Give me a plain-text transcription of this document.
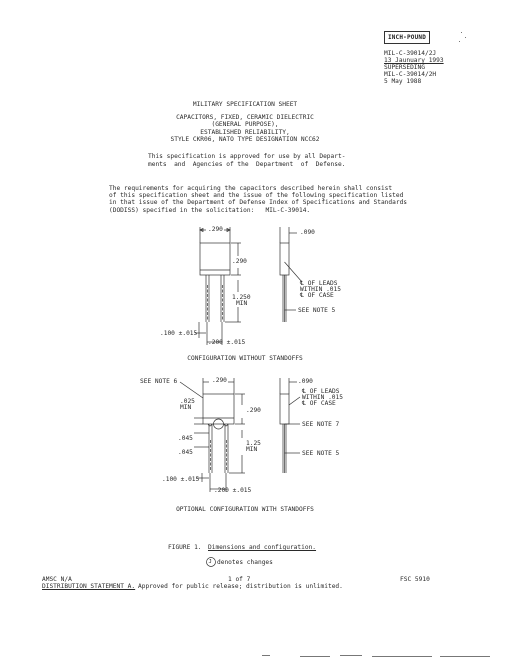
INCH-POUND
MIL-C-39014/2J
13 Jaunuary 1993
SUPERSEDING
MIL-C-39014/2H
5 May 1988
MILITARY SPECIFICATION SHEET
CAPACITORS, FIXED, CERAMIC DIELECTRIC
(GENERAL PURPOSE),
ESTABLISHED RELIABILITY,
STYLE CKR06, NATO TYPE DESIGNATION NCC62
This specification is approved for use by all Depart-
ments  and  Agencies of the  Department  of  Defense.
The requirements for acquiring the capacitors described herein shall consist
of this specification sheet and the issue of the following specification listed
in that issue of the Department of Defense Index of Specifications and Standards
(DODISS) specified in the solicitation:   MIL-C-39014.
.290	.090
.290
1.250
MIN
.100 ±.015
.200 ±.015
℄ OF LEADS
WITHIN .015
℄ OF CASE
SEE NOTE 5
CONFIGURATION WITHOUT STANDOFFS
SEE NOTE 6	.290	.090
.025
MIN	.290
.045
.045
1.25
MIN
.100 ±.015
.200 ±.015
℄ OF LEADS
WITHIN .015
℄ OF CASE
SEE NOTE 7
SEE NOTE 5
OPTIONAL CONFIGURATION WITH STANDOFFS
FIGURE 1. Dimensions and configuration.
J denotes changes
AMSC N/A	1 of 7	FSC 5910
DISTRIBUTION STATEMENT A. Approved for public release; distribution is unlimited.
